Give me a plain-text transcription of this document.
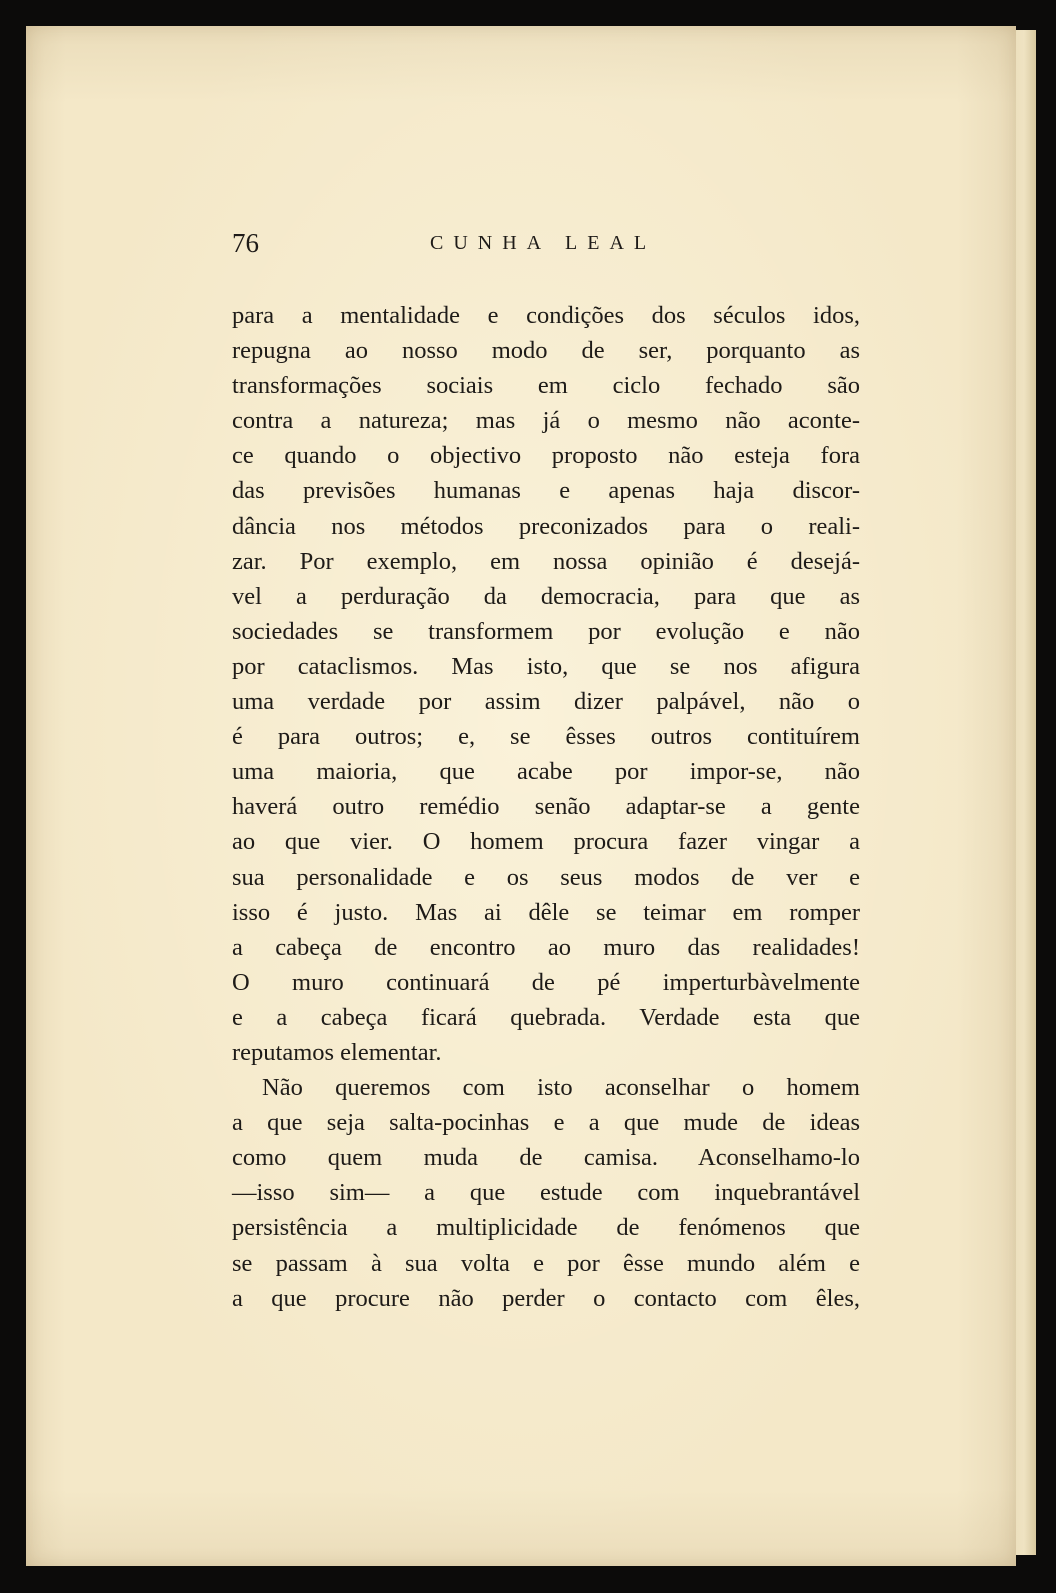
76	CUNHA LEAL
para a mentalidade e condições dos séculos idos,
repugna ao nosso modo de ser, porquanto as
transformações sociais em ciclo fechado são
contra a natureza; mas já o mesmo não aconte-
ce quando o objectivo proposto não esteja fora
das previsões humanas e apenas haja discor-
dância nos métodos preconizados para o reali-
zar. Por exemplo, em nossa opinião é desejá-
vel a perduração da democracia, para que as
sociedades se transformem por evolução e não
por cataclismos. Mas isto, que se nos afigura
uma verdade por assim dizer palpável, não o
é para outros; e, se êsses outros contituírem
uma maioria, que acabe por impor-se, não
haverá outro remédio senão adaptar-se a gente
ao que vier. O homem procura fazer vingar a
sua personalidade e os seus modos de ver e
isso é justo. Mas ai dêle se teimar em romper
a cabeça de encontro ao muro das realidades!
O muro continuará de pé imperturbàvelmente
e a cabeça ficará quebrada. Verdade esta que
reputamos elementar.
Não queremos com isto aconselhar o homem
a que seja salta-pocinhas e a que mude de ideas
como quem muda de camisa. Aconselhamo-lo
—isso sim— a que estude com inquebrantável
persistência a multiplicidade de fenómenos que
se passam à sua volta e por êsse mundo além e
a que procure não perder o contacto com êles,
